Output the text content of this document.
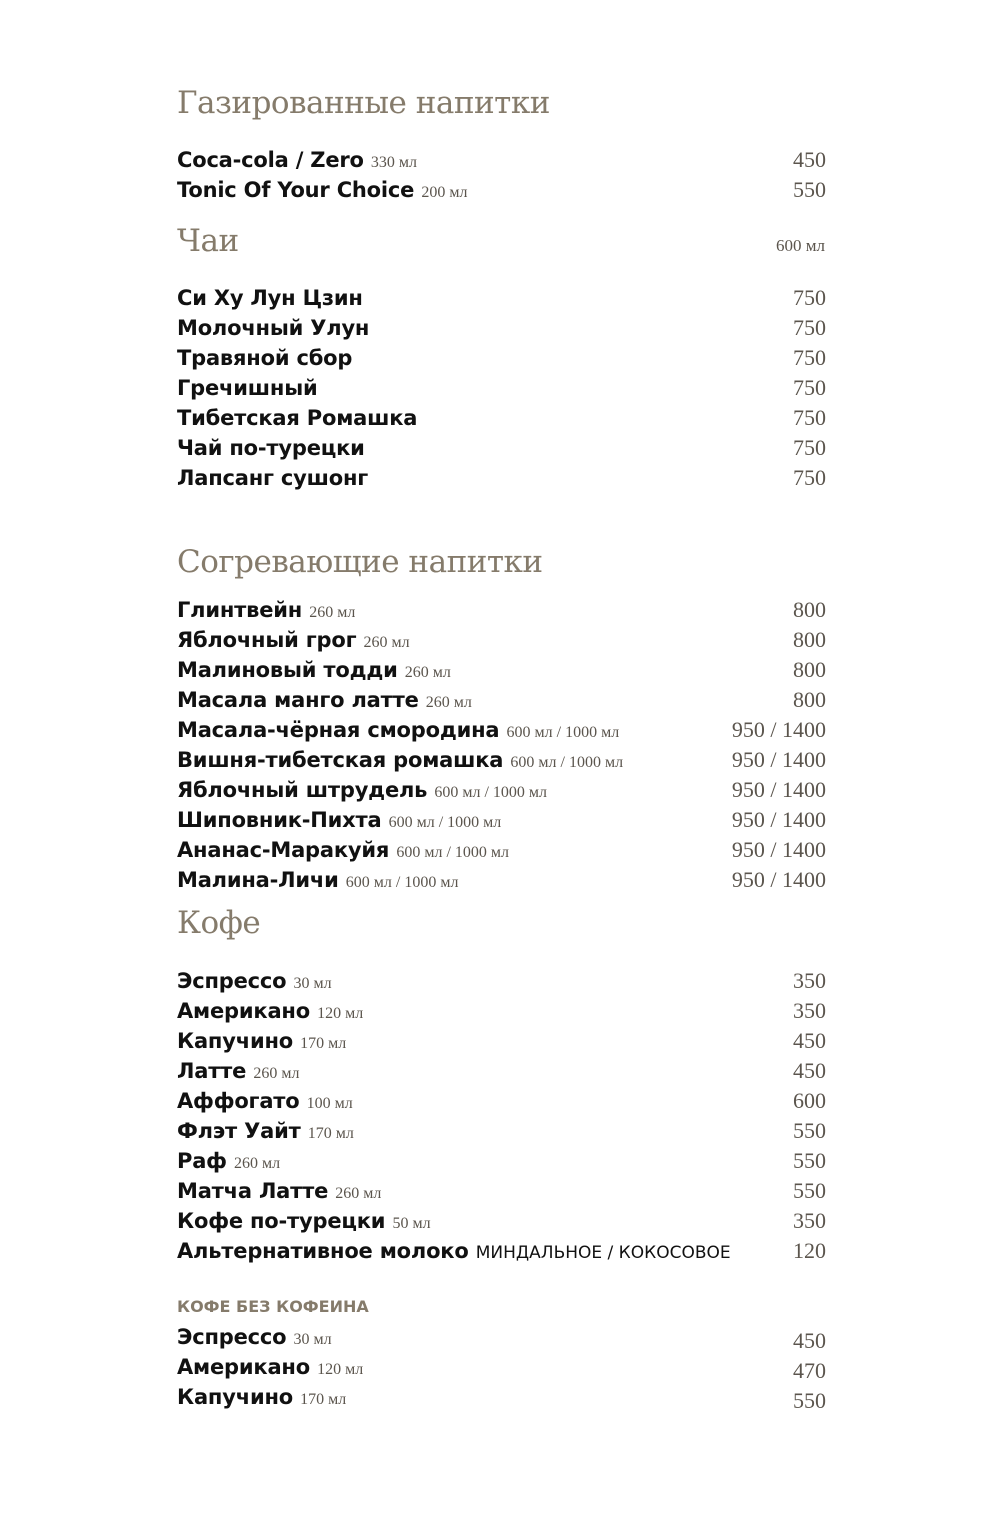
Газированные напитки
Coca-cola / Zero 330 мл	450
Tonic Of Your Choice 200 мл	550
Чаи	600 мл
Си Ху Лун Цзин	750
Молочный Улун	750
Травяной сбор	750
Гречишный	750
Тибетская Ромашка	750
Чай по-турецки	750
Лапсанг сушонг	750
Согревающие напитки
Глинтвейн 260 мл	800
Яблочный грог 260 мл	800
Малиновый тодди 260 мл	800
Масала манго латте 260 мл	800
Масала-чёрная смородина 600 мл / 1000 мл	950 / 1400
Вишня-тибетская ромашка 600 мл / 1000 мл	950 / 1400
Яблочный штрудель 600 мл / 1000 мл	950 / 1400
Шиповник-Пихта 600 мл / 1000 мл	950 / 1400
Ананас-Маракуйя 600 мл / 1000 мл	950 / 1400
Малина-Личи 600 мл / 1000 мл	950 / 1400
Кофе
Эспрессо 30 мл	350
Американо 120 мл	350
Капучино 170 мл	450
Латте 260 мл	450
Аффогато 100 мл	600
Флэт Уайт 170 мл	550
Раф 260 мл	550
Матча Латте 260 мл	550
Кофе по-турецки 50 мл	350
Альтернативное молоко МИНДАЛЬНОЕ / КОКОСОВОЕ	120
КОФЕ БЕЗ КОФЕИНА
Эспрессо 30 мл	450
Американо 120 мл	470
Капучино 170 мл	550
